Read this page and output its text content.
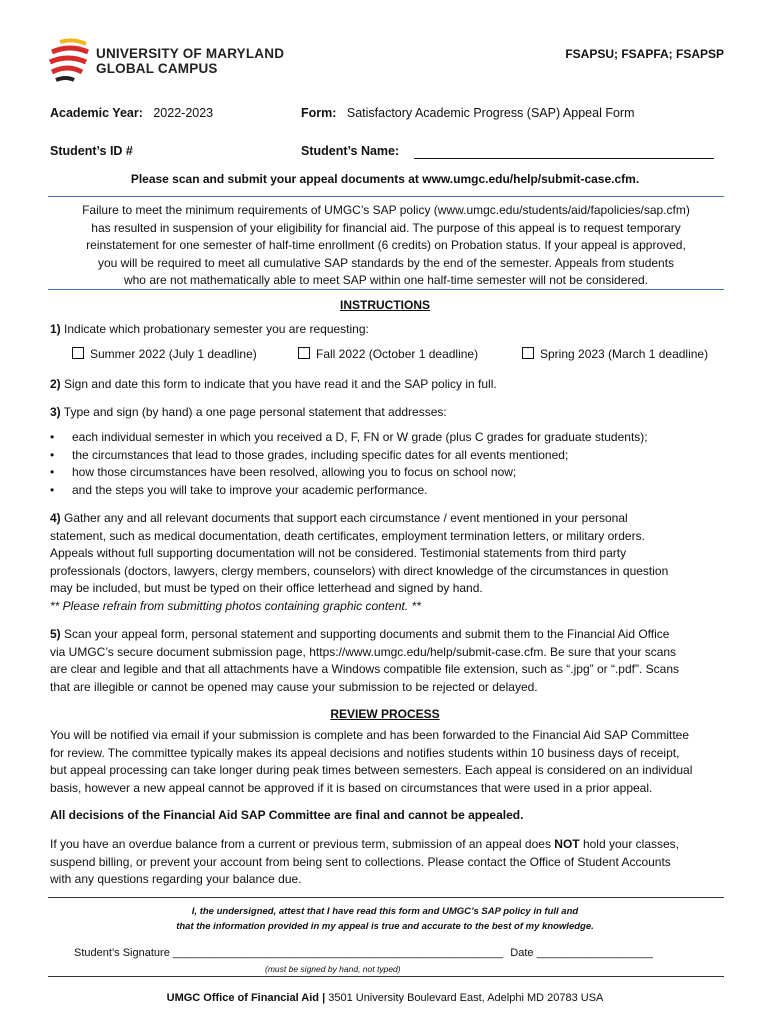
UNIVERSITY OF MARYLAND
GLOBAL CAMPUS
FSAPSU; FSAPFA; FSAPSP
Academic Year: 2022-2023	Form: Satisfactory Academic Progress (SAP) Appeal Form
Student’s ID #	Student’s Name:
Please scan and submit your appeal documents at www.umgc.edu/help/submit-case.cfm.
Failure to meet the minimum requirements of UMGC’s SAP policy (www.umgc.edu/students/aid/fapolicies/sap.cfm)
has resulted in suspension of your eligibility for financial aid. The purpose of this appeal is to request temporary
reinstatement for one semester of half-time enrollment (6 credits) on Probation status. If your appeal is approved,
you will be required to meet all cumulative SAP standards by the end of the semester. Appeals from students
who are not mathematically able to meet SAP within one half-time semester will not be considered.
INSTRUCTIONS
1) Indicate which probationary semester you are requesting:
Summer 2022 (July 1 deadline)	Fall 2022 (October 1 deadline)	Spring 2023 (March 1 deadline)
2) Sign and date this form to indicate that you have read it and the SAP policy in full.
3) Type and sign (by hand) a one page personal statement that addresses:
• each individual semester in which you received a D, F, FN or W grade (plus C grades for graduate students);
• the circumstances that lead to those grades, including specific dates for all events mentioned;
• how those circumstances have been resolved, allowing you to focus on school now;
• and the steps you will take to improve your academic performance.
4) Gather any and all relevant documents that support each circumstance / event mentioned in your personal
statement, such as medical documentation, death certificates, employment termination letters, or military orders.
Appeals without full supporting documentation will not be considered. Testimonial statements from third party
professionals (doctors, lawyers, clergy members, counselors) with direct knowledge of the circumstances in question
may be included, but must be typed on their office letterhead and signed by hand.
** Please refrain from submitting photos containing graphic content. **
5) Scan your appeal form, personal statement and supporting documents and submit them to the Financial Aid Office
via UMGC’s secure document submission page, https://www.umgc.edu/help/submit-case.cfm. Be sure that your scans
are clear and legible and that all attachments have a Windows compatible file extension, such as “.jpg” or “.pdf”. Scans
that are illegible or cannot be opened may cause your submission to be rejected or delayed.
REVIEW PROCESS
You will be notified via email if your submission is complete and has been forwarded to the Financial Aid SAP Committee
for review. The committee typically makes its appeal decisions and notifies students within 10 business days of receipt,
but appeal processing can take longer during peak times between semesters. Each appeal is considered on an individual
basis, however a new appeal cannot be approved if it is based on circumstances that were used in a prior appeal.
All decisions of the Financial Aid SAP Committee are final and cannot be appealed.
If you have an overdue balance from a current or previous term, submission of an appeal does NOT hold your classes,
suspend billing, or prevent your account from being sent to collections. Please contact the Office of Student Accounts
with any questions regarding your balance due.
I, the undersigned, attest that I have read this form and UMGC’s SAP policy in full and
that the information provided in my appeal is true and accurate to the best of my knowledge.
Student’s Signature ______________________________________________________ Date ___________________
(must be signed by hand, not typed)
UMGC Office of Financial Aid | 3501 University Boulevard East, Adelphi MD 20783 USA
